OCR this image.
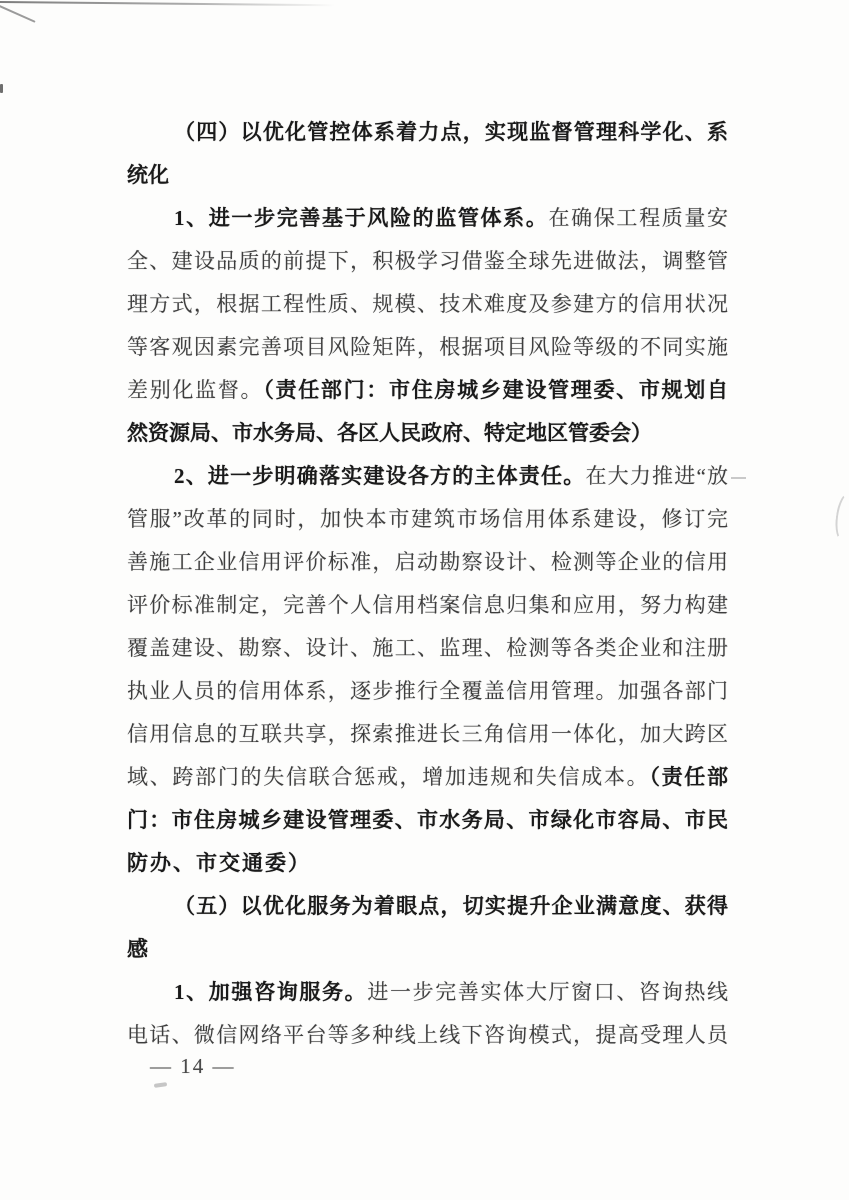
（四）以优化管控体系着力点，实现监督管理科学化、系
统化
1、进一步完善基于风险的监管体系。在确保工程质量安
全、建设品质的前提下，积极学习借鉴全球先进做法，调整管
理方式，根据工程性质、规模、技术难度及参建方的信用状况
等客观因素完善项目风险矩阵，根据项目风险等级的不同实施
差别化监督。（责任部门：市住房城乡建设管理委、市规划自
然资源局、市水务局、各区人民政府、特定地区管委会）
2、进一步明确落实建设各方的主体责任。在大力推进“放
管服”改革的同时，加快本市建筑市场信用体系建设，修订完
善施工企业信用评价标准，启动勘察设计、检测等企业的信用
评价标准制定，完善个人信用档案信息归集和应用，努力构建
覆盖建设、勘察、设计、施工、监理、检测等各类企业和注册
执业人员的信用体系，逐步推行全覆盖信用管理。加强各部门
信用信息的互联共享，探索推进长三角信用一体化，加大跨区
域、跨部门的失信联合惩戒，增加违规和失信成本。（责任部
门：市住房城乡建设管理委、市水务局、市绿化市容局、市民
防办、市交通委）
（五）以优化服务为着眼点，切实提升企业满意度、获得
感
1、加强咨询服务。进一步完善实体大厅窗口、咨询热线
电话、微信网络平台等多种线上线下咨询模式，提高受理人员
— 14 —
